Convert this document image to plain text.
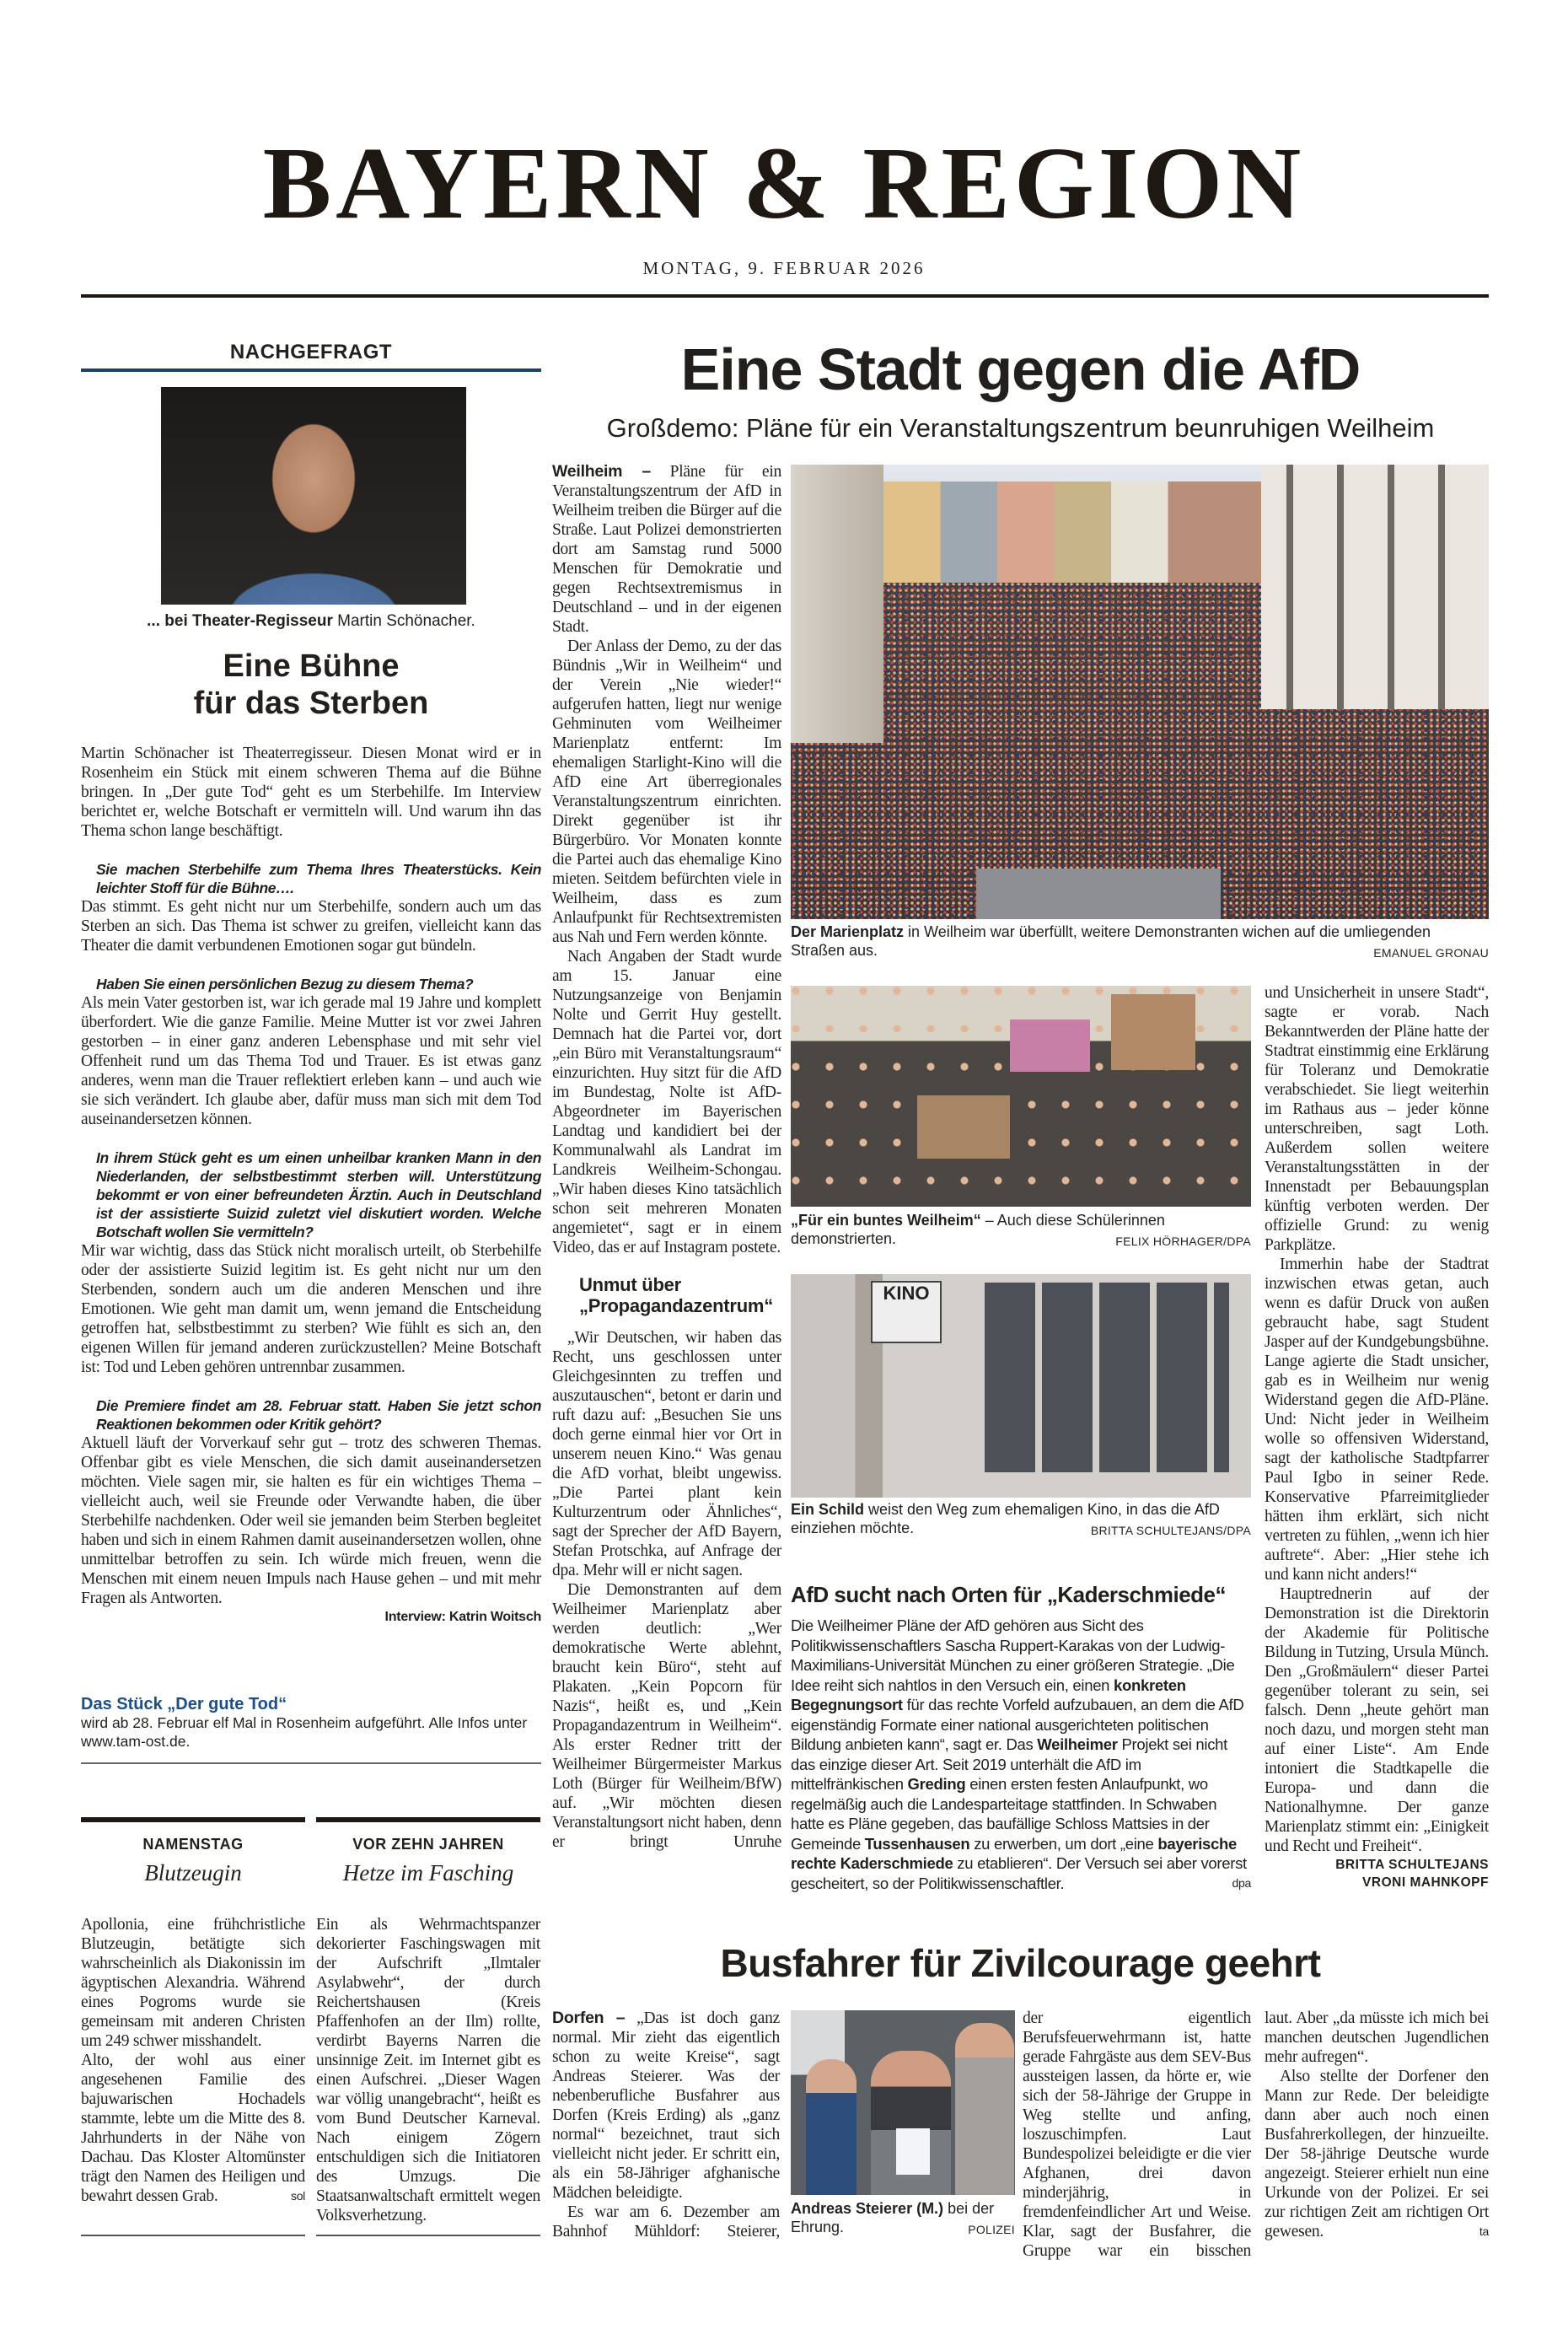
BAYERN & REGION
MONTAG, 9. FEBRUAR 2026
NACHGEFRAGT
... bei Theater-Regisseur Martin Schönacher.
Eine Bühne
für das Sterben

Martin Schönacher ist Theaterregisseur. Diesen Monat wird er in Rosenheim ein Stück mit einem schweren Thema auf die Bühne bringen. In „Der gute Tod“ geht es um Sterbehilfe. Im Interview berichtet er, welche Botschaft er vermitteln will. Und warum ihn das Thema schon lange beschäftigt.

Sie machen Sterbehilfe zum Thema Ihres Theaterstücks. Kein leichter Stoff für die Bühne….

Das stimmt. Es geht nicht nur um Sterbehilfe, sondern auch um das Sterben an sich. Das Thema ist schwer zu greifen, vielleicht kann das Theater die damit verbundenen Emotionen sogar gut bündeln.

Haben Sie einen persönlichen Bezug zu diesem Thema?

Als mein Vater gestorben ist, war ich gerade mal 19 Jahre und komplett überfordert. Wie die ganze Familie. Meine Mutter ist vor zwei Jahren gestorben – in einer ganz anderen Lebensphase und mit sehr viel Offenheit rund um das Thema Tod und Trauer. Es ist etwas ganz anderes, wenn man die Trauer reflektiert erleben kann – und auch wie sie sich verändert. Ich glaube aber, dafür muss man sich mit dem Tod auseinandersetzen können.

In ihrem Stück geht es um einen unheilbar kranken Mann in den Niederlanden, der selbstbestimmt sterben will. Unterstützung bekommt er von einer befreundeten Ärztin. Auch in Deutschland ist der assistierte Suizid zuletzt viel diskutiert worden. Welche Botschaft wollen Sie vermitteln?

Mir war wichtig, dass das Stück nicht moralisch urteilt, ob Sterbehilfe oder der assistierte Suizid legitim ist. Es geht nicht nur um den Sterbenden, sondern auch um die anderen Menschen und ihre Emotionen. Wie geht man damit um, wenn jemand die Entscheidung getroffen hat, selbstbestimmt zu sterben? Wie fühlt es sich an, den eigenen Willen für jemand anderen zurückzustellen? Meine Botschaft ist: Tod und Leben gehören untrennbar zusammen.

Die Premiere findet am 28. Februar statt. Haben Sie jetzt schon Reaktionen bekommen oder Kritik gehört?

Aktuell läuft der Vorverkauf sehr gut – trotz des schweren Themas. Offenbar gibt es viele Menschen, die sich damit auseinandersetzen möchten. Viele sagen mir, sie halten es für ein wichtiges Thema – vielleicht auch, weil sie Freunde oder Verwandte haben, die über Sterbehilfe nachdenken. Oder weil sie jemanden beim Sterben begleitet haben und sich in einem Rahmen damit auseinandersetzen wollen, ohne unmittelbar betroffen zu sein. Ich würde mich freuen, wenn die Menschen mit einem neuen Impuls nach Hause gehen – und mit mehr Fragen als Antworten.

Interview: Katrin Woitsch
Das Stück „Der gute Tod“
wird ab 28. Februar elf Mal in Rosenheim aufgeführt. Alle Infos unter www.tam-ost.de.
NAMENSTAG
Blutzeugin
Apollonia, eine frühchristliche Blutzeugin, betätigte sich wahrscheinlich als Diakonissin im ägyptischen Alexandria. Während eines Pogroms wurde sie gemeinsam mit anderen Christen um 249 schwer misshandelt.
Alto, der wohl aus einer angesehenen Familie des bajuwarischen Hochadels stammte, lebte um die Mitte des 8. Jahrhunderts in der Nähe von Dachau. Das Kloster Altomünster trägt den Namen des Heiligen und bewahrt dessen Grab.	sol
VOR ZEHN JAHREN
Hetze im Fasching
Ein als Wehrmachtspanzer dekorierter Faschingswagen mit der Aufschrift „Ilmtaler Asylabwehr“, der durch Reichertshausen (Kreis Pfaffenhofen an der Ilm) rollte, verdirbt Bayerns Narren die unsinnige Zeit. im Internet gibt es einen Aufschrei. „Dieser Wagen war völlig unangebracht“, heißt es vom Bund Deutscher Karneval. Nach einigem Zögern entschuldigen sich die Initiatoren des Umzugs. Die Staatsanwaltschaft ermittelt wegen Volksverhetzung.
Eine Stadt gegen die AfD
Großdemo: Pläne für ein Veranstaltungszentrum beunruhigen Weilheim

Weilheim – Pläne für ein Veranstaltungszentrum der AfD in Weilheim treiben die Bürger auf die Straße. Laut Polizei demonstrierten dort am Samstag rund 5000 Menschen für Demokratie und gegen Rechtsextremismus in Deutschland – und in der eigenen Stadt.

Der Anlass der Demo, zu der das Bündnis „Wir in Weilheim“ und der Verein „Nie wieder!“ aufgerufen hatten, liegt nur wenige Gehminuten vom Weilheimer Marienplatz entfernt: Im ehemaligen Starlight-Kino will die AfD eine Art überregionales Veranstaltungszentrum einrichten. Direkt gegenüber ist ihr Bürgerbüro. Vor Monaten konnte die Partei auch das ehemalige Kino mieten. Seitdem befürchten viele in Weilheim, dass es zum Anlaufpunkt für Rechtsextremisten aus Nah und Fern werden könnte.

Nach Angaben der Stadt wurde am 15. Januar eine Nutzungsanzeige von Benjamin Nolte und Gerrit Huy gestellt. Demnach hat die Partei vor, dort „ein Büro mit Veranstaltungsraum“ einzurichten. Huy sitzt für die AfD im Bundestag, Nolte ist AfD-Abgeordneter im Bayerischen Landtag und kandidiert bei der Kommunalwahl als Landrat im Landkreis Weilheim-Schongau. „Wir haben dieses Kino tatsächlich schon seit mehreren Monaten angemietet“, sagt er in einem Video, das er auf Instagram postete.

Unmut über
„Propagandazentrum“

„Wir Deutschen, wir haben das Recht, uns geschlossen unter Gleichgesinnten zu treffen und auszutauschen“, betont er darin und ruft dazu auf: „Besuchen Sie uns doch gerne einmal hier vor Ort in unserem neuen Kino.“ Was genau die AfD vorhat, bleibt ungewiss. „Die Partei plant kein Kulturzentrum oder Ähnliches“, sagt der Sprecher der AfD Bayern, Stefan Protschka, auf Anfrage der dpa. Mehr will er nicht sagen.

Die Demonstranten auf dem Weilheimer Marienplatz aber werden deutlich: „Wer demokratische Werte ablehnt, braucht kein Büro“, steht auf Plakaten. „Kein Popcorn für Nazis“, heißt es, und „Kein Propagandazentrum in Weilheim“. Als erster Redner tritt der Weilheimer Bürgermeister Markus Loth (Bürger für Weilheim/BfW) auf. „Wir möchten diesen Veranstaltungsort nicht haben, denn er bringt Unruhe

Der Marienplatz in Weilheim war überfüllt, weitere Demonstranten wichen auf die umliegenden Straßen aus.	EMANUEL GRONAU
„Für ein buntes Weilheim“ – Auch diese Schülerinnen demonstrierten.	FELIX HÖRHAGER/DPA
KINO
Ein Schild weist den Weg zum ehemaligen Kino, in das die AfD einziehen möchte.	BRITTA SCHULTEJANS/DPA
AfD sucht nach Orten für „Kaderschmiede“
Die Weilheimer Pläne der AfD gehören aus Sicht des Politikwissenschaftlers Sascha Ruppert-Karakas von der Ludwig-Maximilians-Universität München zu einer größeren Strategie. „Die Idee reiht sich nahtlos in den Versuch ein, einen konkreten Begegnungsort für das rechte Vorfeld aufzubauen, an dem die AfD eigenständig Formate einer national ausgerichteten politischen Bildung anbieten kann“, sagt er. Das Weilheimer Projekt sei nicht das einzige dieser Art. Seit 2019 unterhält die AfD im mittelfränkischen Greding einen ersten festen Anlaufpunkt, wo regelmäßig auch die Landesparteitage stattfinden. In Schwaben hatte es Pläne gegeben, das baufällige Schloss Mattsies in der Gemeinde Tussenhausen zu erwerben, um dort „eine bayerische rechte Kaderschmiede zu etablieren“. Der Versuch sei aber vorerst gescheitert, so der Politikwissenschaftler.	dpa

und Unsicherheit in unsere Stadt“, sagte er vorab. Nach Bekanntwerden der Pläne hatte der Stadtrat einstimmig eine Erklärung für Toleranz und Demokratie verabschiedet. Sie liegt weiterhin im Rathaus aus – jeder könne unterschreiben, sagt Loth. Außerdem sollen weitere Veranstaltungsstätten in der Innenstadt per Bebauungsplan künftig verboten werden. Der offizielle Grund: zu wenig Parkplätze.

Immerhin habe der Stadtrat inzwischen etwas getan, auch wenn es dafür Druck von außen gebraucht habe, sagt Student Jasper auf der Kundgebungsbühne. Lange agierte die Stadt unsicher, gab es in Weilheim nur wenig Widerstand gegen die AfD-Pläne. Und: Nicht jeder in Weilheim wolle so offensiven Widerstand, sagt der katholische Stadtpfarrer Paul Igbo in seiner Rede. Konservative Pfarreimitglieder hätten ihm erklärt, sich nicht vertreten zu fühlen, „wenn ich hier auftrete“. Aber: „Hier stehe ich und kann nicht anders!“

Hauptrednerin auf der Demonstration ist die Direktorin der Akademie für Politische Bildung in Tutzing, Ursula Münch. Den „Großmäulern“ dieser Partei gegenüber tolerant zu sein, sei falsch. Denn „heute gehört man noch dazu, und morgen steht man auf einer Liste“. Am Ende intoniert die Stadtkapelle die Europa- und dann die Nationalhymne. Der ganze Marienplatz stimmt ein: „Einigkeit und Recht und Freiheit“.

BRITTA SCHULTEJANS
VRONI MAHNKOPF
Busfahrer für Zivilcourage geehrt

Dorfen – „Das ist doch ganz normal. Mir zieht das eigentlich schon zu weite Kreise“, sagt Andreas Steierer. Was der nebenberufliche Busfahrer aus Dorfen (Kreis Erding) als „ganz normal“ bezeichnet, traut sich vielleicht nicht jeder. Er schritt ein, als ein 58-Jähriger afghanische Mädchen beleidigte.

Es war am 6. Dezember am Bahnhof Mühldorf: Steierer,

Andreas Steierer (M.) bei der Ehrung.	POLIZEI

der eigentlich Berufsfeuerwehrmann ist, hatte gerade Fahrgäste aus dem SEV-Bus aussteigen lassen, da hörte er, wie sich der 58-Jährige der Gruppe in Weg stellte und anfing, loszuschimpfen. Laut Bundespolizei beleidigte er die vier Afghanen, drei davon minderjährig, in fremdenfeindlicher Art und Weise. Klar, sagt der Busfahrer, die Gruppe war ein bisschen

laut. Aber „da müsste ich mich bei manchen deutschen Jugendlichen mehr aufregen“.

Also stellte der Dorfener den Mann zur Rede. Der beleidigte dann aber auch noch einen Busfahrerkollegen, der hinzueilte. Der 58-jährige Deutsche wurde angezeigt. Steierer erhielt nun eine Urkunde von der Polizei. Er sei zur richtigen Zeit am richtigen Ort gewesen.	ta
